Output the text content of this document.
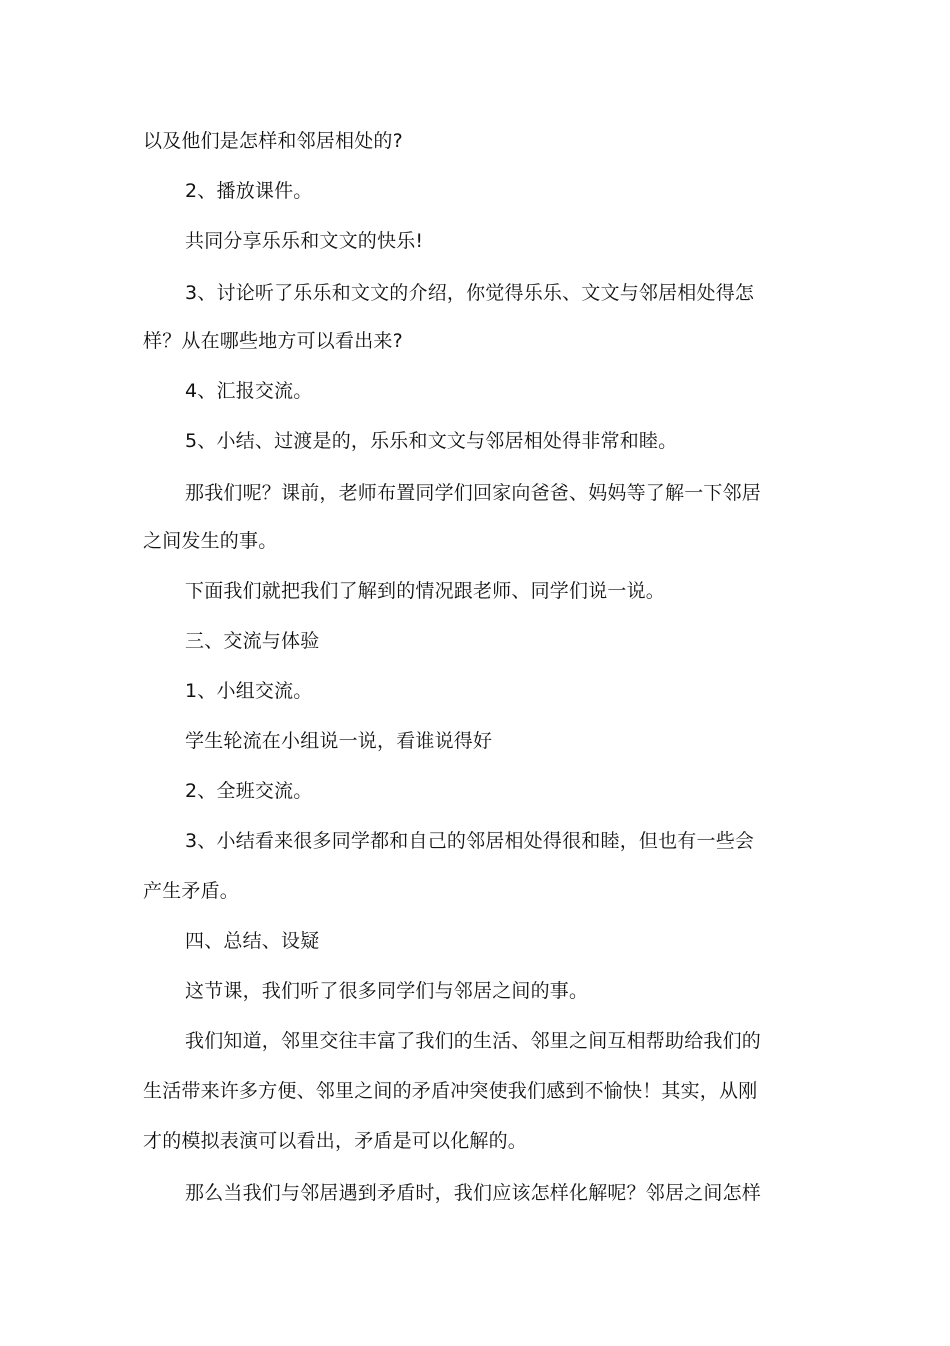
以及他们是怎样和邻居相处的?
2、播放课件。
共同分享乐乐和文文的快乐!
3、讨论听了乐乐和文文的介绍，你觉得乐乐、文文与邻居相处得怎
样？从在哪些地方可以看出来?
4、汇报交流。
5、小结、过渡是的，乐乐和文文与邻居相处得非常和睦。
那我们呢？课前，老师布置同学们回家向爸爸、妈妈等了解一下邻居
之间发生的事。
下面我们就把我们了解到的情况跟老师、同学们说一说。
三、交流与体验
1、小组交流。
学生轮流在小组说一说，看谁说得好
2、全班交流。
3、小结看来很多同学都和自己的邻居相处得很和睦，但也有一些会
产生矛盾。
四、总结、设疑
这节课，我们听了很多同学们与邻居之间的事。
我们知道，邻里交往丰富了我们的生活、邻里之间互相帮助给我们的
生活带来许多方便、邻里之间的矛盾冲突使我们感到不愉快！其实，从刚
才的模拟表演可以看出，矛盾是可以化解的。
那么当我们与邻居遇到矛盾时，我们应该怎样化解呢？邻居之间怎样
